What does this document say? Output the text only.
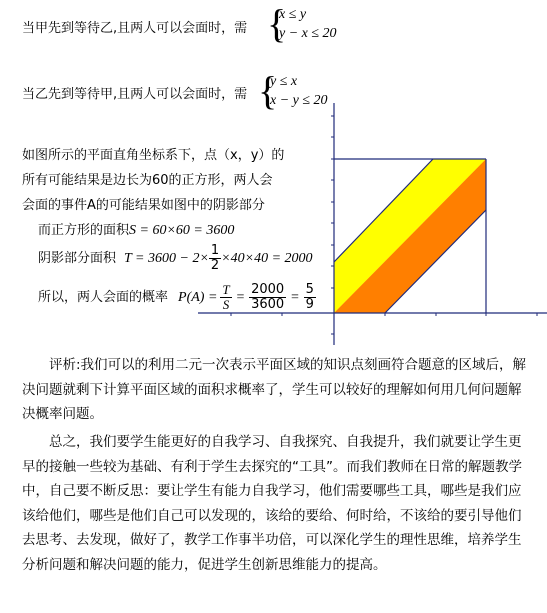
当甲先到等待乙,且两人可以会面时，需 {
x ≤ y
y − x ≤ 20
当乙先到等待甲,且两人可以会面时，需 {
y ≤ x
x − y ≤ 20
如图所示的平面直角坐标系下，点（x，y）的
所有可能结果是边长为60的正方形，两人会
会面的事件A的可能结果如图中的阴影部分
而正方形的面积S = 60×60 = 3600
阴影部分面积 $T = 3600 - 2\times \frac{1}{2} \times 40\times 40 = 2000$
所以，两人会面的概率 $P(A) = \frac{T}{S} = \frac{2000}{3600} = \frac{5}{9}$

评析:我们可以的利用二元一次表示平面区域的知识点刻画符合题意的区域后，解决问题就剩下计算平面区域的面积求概率了，学生可以较好的理解如何用几何问题解决概率问题。

总之，我们要学生能更好的自我学习、自我探究、自我提升，我们就要让学生更早的接触一些较为基础、有利于学生去探究的“工具”。而我们教师在日常的解题教学中，自己要不断反思：要让学生有能力自我学习，他们需要哪些工具，哪些是我们应该给他们，哪些是他们自己可以发现的，该给的要给、何时给，不该给的要引导他们去思考、去发现，做好了，教学工作事半功倍，可以深化学生的理性思维，培养学生分析问题和解决问题的能力，促进学生创新思维能力的提高。
